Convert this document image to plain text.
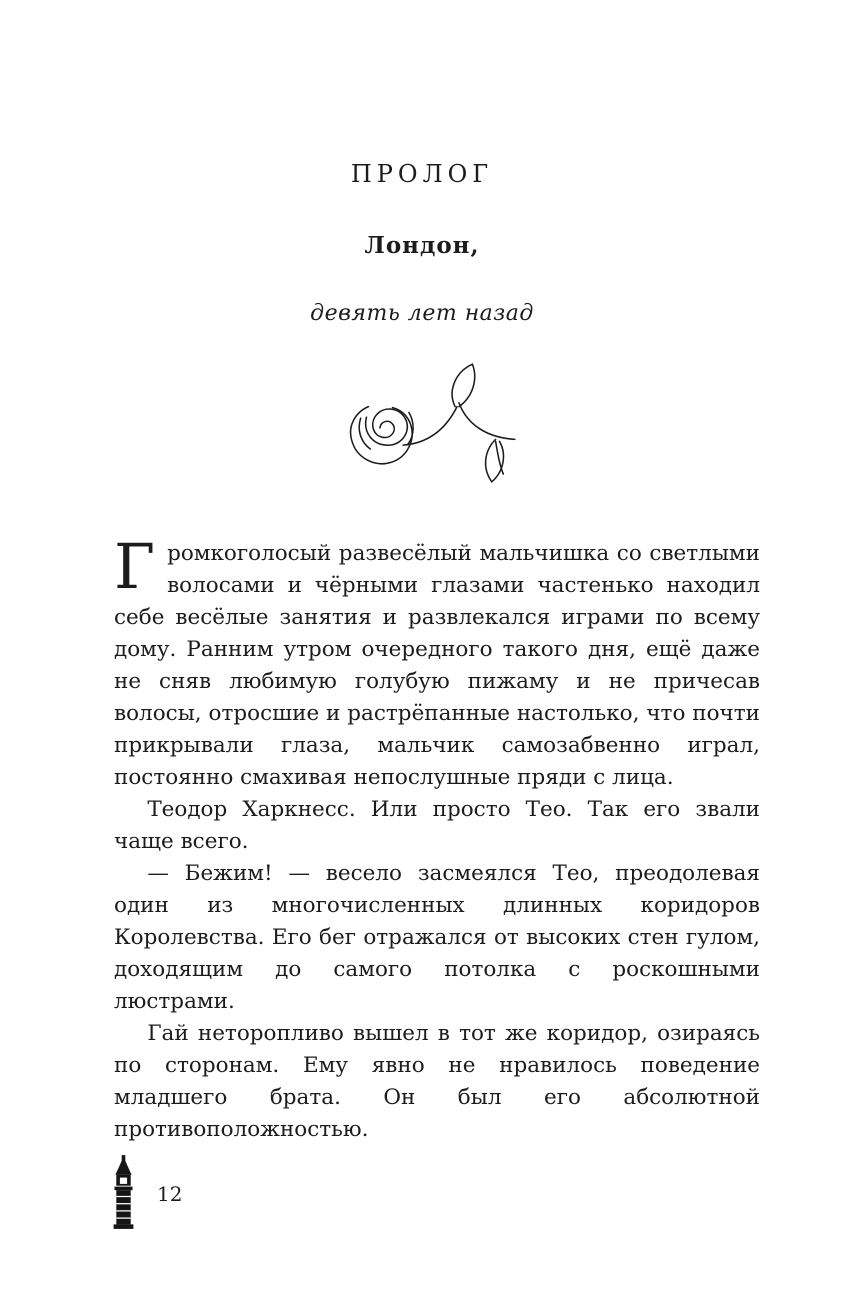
ПРОЛОГ
Лондон,
девять лет назад

Громкоголосый развесёлый мальчишка со светлыми волосами и чёрными глазами частенько находил себе весёлые занятия и развлекался играми по всему дому. Ранним утром очередного такого дня, ещё даже не сняв любимую голубую пижаму и не причесав волосы, отросшие и растрёпанные настолько, что почти прикрывали глаза, мальчик самозабвенно играл, постоянно смахивая непослушные пряди с лица.

Теодор Харкнесс. Или просто Тео. Так его звали чаще всего.

— Бежим! — весело засмеялся Тео, преодолевая один из многочисленных длинных коридоров Королевства. Его бег отражался от высоких стен гулом, доходящим до самого потолка с роскошными люстрами.

Гай неторопливо вышел в тот же коридор, озираясь по сторонам. Ему явно не нравилось поведение младшего брата. Он был его абсолютной противоположностью.

12
